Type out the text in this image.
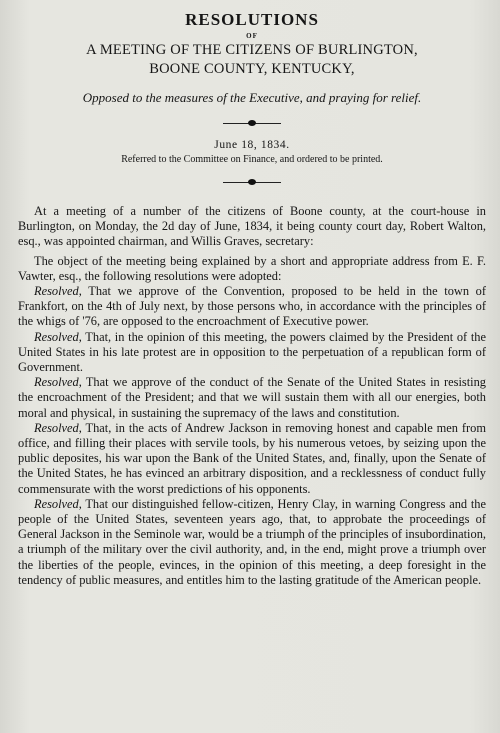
RESOLUTIONS
OF
A MEETING OF THE CITIZENS OF BURLINGTON,
BOONE COUNTY, KENTUCKY,
Opposed to the measures of the Executive, and praying for relief.
June 18, 1834.
Referred to the Committee on Finance, and ordered to be printed.

At a meeting of a number of the citizens of Boone county, at the court-house in Burlington, on Monday, the 2d day of June, 1834, it being county court day, Robert Walton, esq., was appointed chairman, and Willis Graves, secretary:

The object of the meeting being explained by a short and appropriate address from E. F. Vawter, esq., the following resolutions were adopted:

Resolved, That we approve of the Convention, proposed to be held in the town of Frankfort, on the 4th of July next, by those persons who, in accordance with the principles of the whigs of '76, are opposed to the encroachment of Executive power.

Resolved, That, in the opinion of this meeting, the powers claimed by the President of the United States in his late protest are in opposition to the perpetuation of a republican form of Government.

Resolved, That we approve of the conduct of the Senate of the United States in resisting the encroachment of the President; and that we will sustain them with all our energies, both moral and physical, in sustaining the supremacy of the laws and constitution.

Resolved, That, in the acts of Andrew Jackson in removing honest and capable men from office, and filling their places with servile tools, by his numerous vetoes, by seizing upon the public deposites, his war upon the Bank of the United States, and, finally, upon the Senate of the United States, he has evinced an arbitrary disposition, and a recklessness of conduct fully commensurate with the worst predictions of his opponents.

Resolved, That our distinguished fellow-citizen, Henry Clay, in warning Congress and the people of the United States, seventeen years ago, that, to approbate the proceedings of General Jackson in the Seminole war, would be a triumph of the principles of insubordination, a triumph of the military over the civil authority, and, in the end, might prove a triumph over the liberties of the people, evinces, in the opinion of this meeting, a deep foresight in the tendency of public measures, and entitles him to the lasting gratitude of the American people.
